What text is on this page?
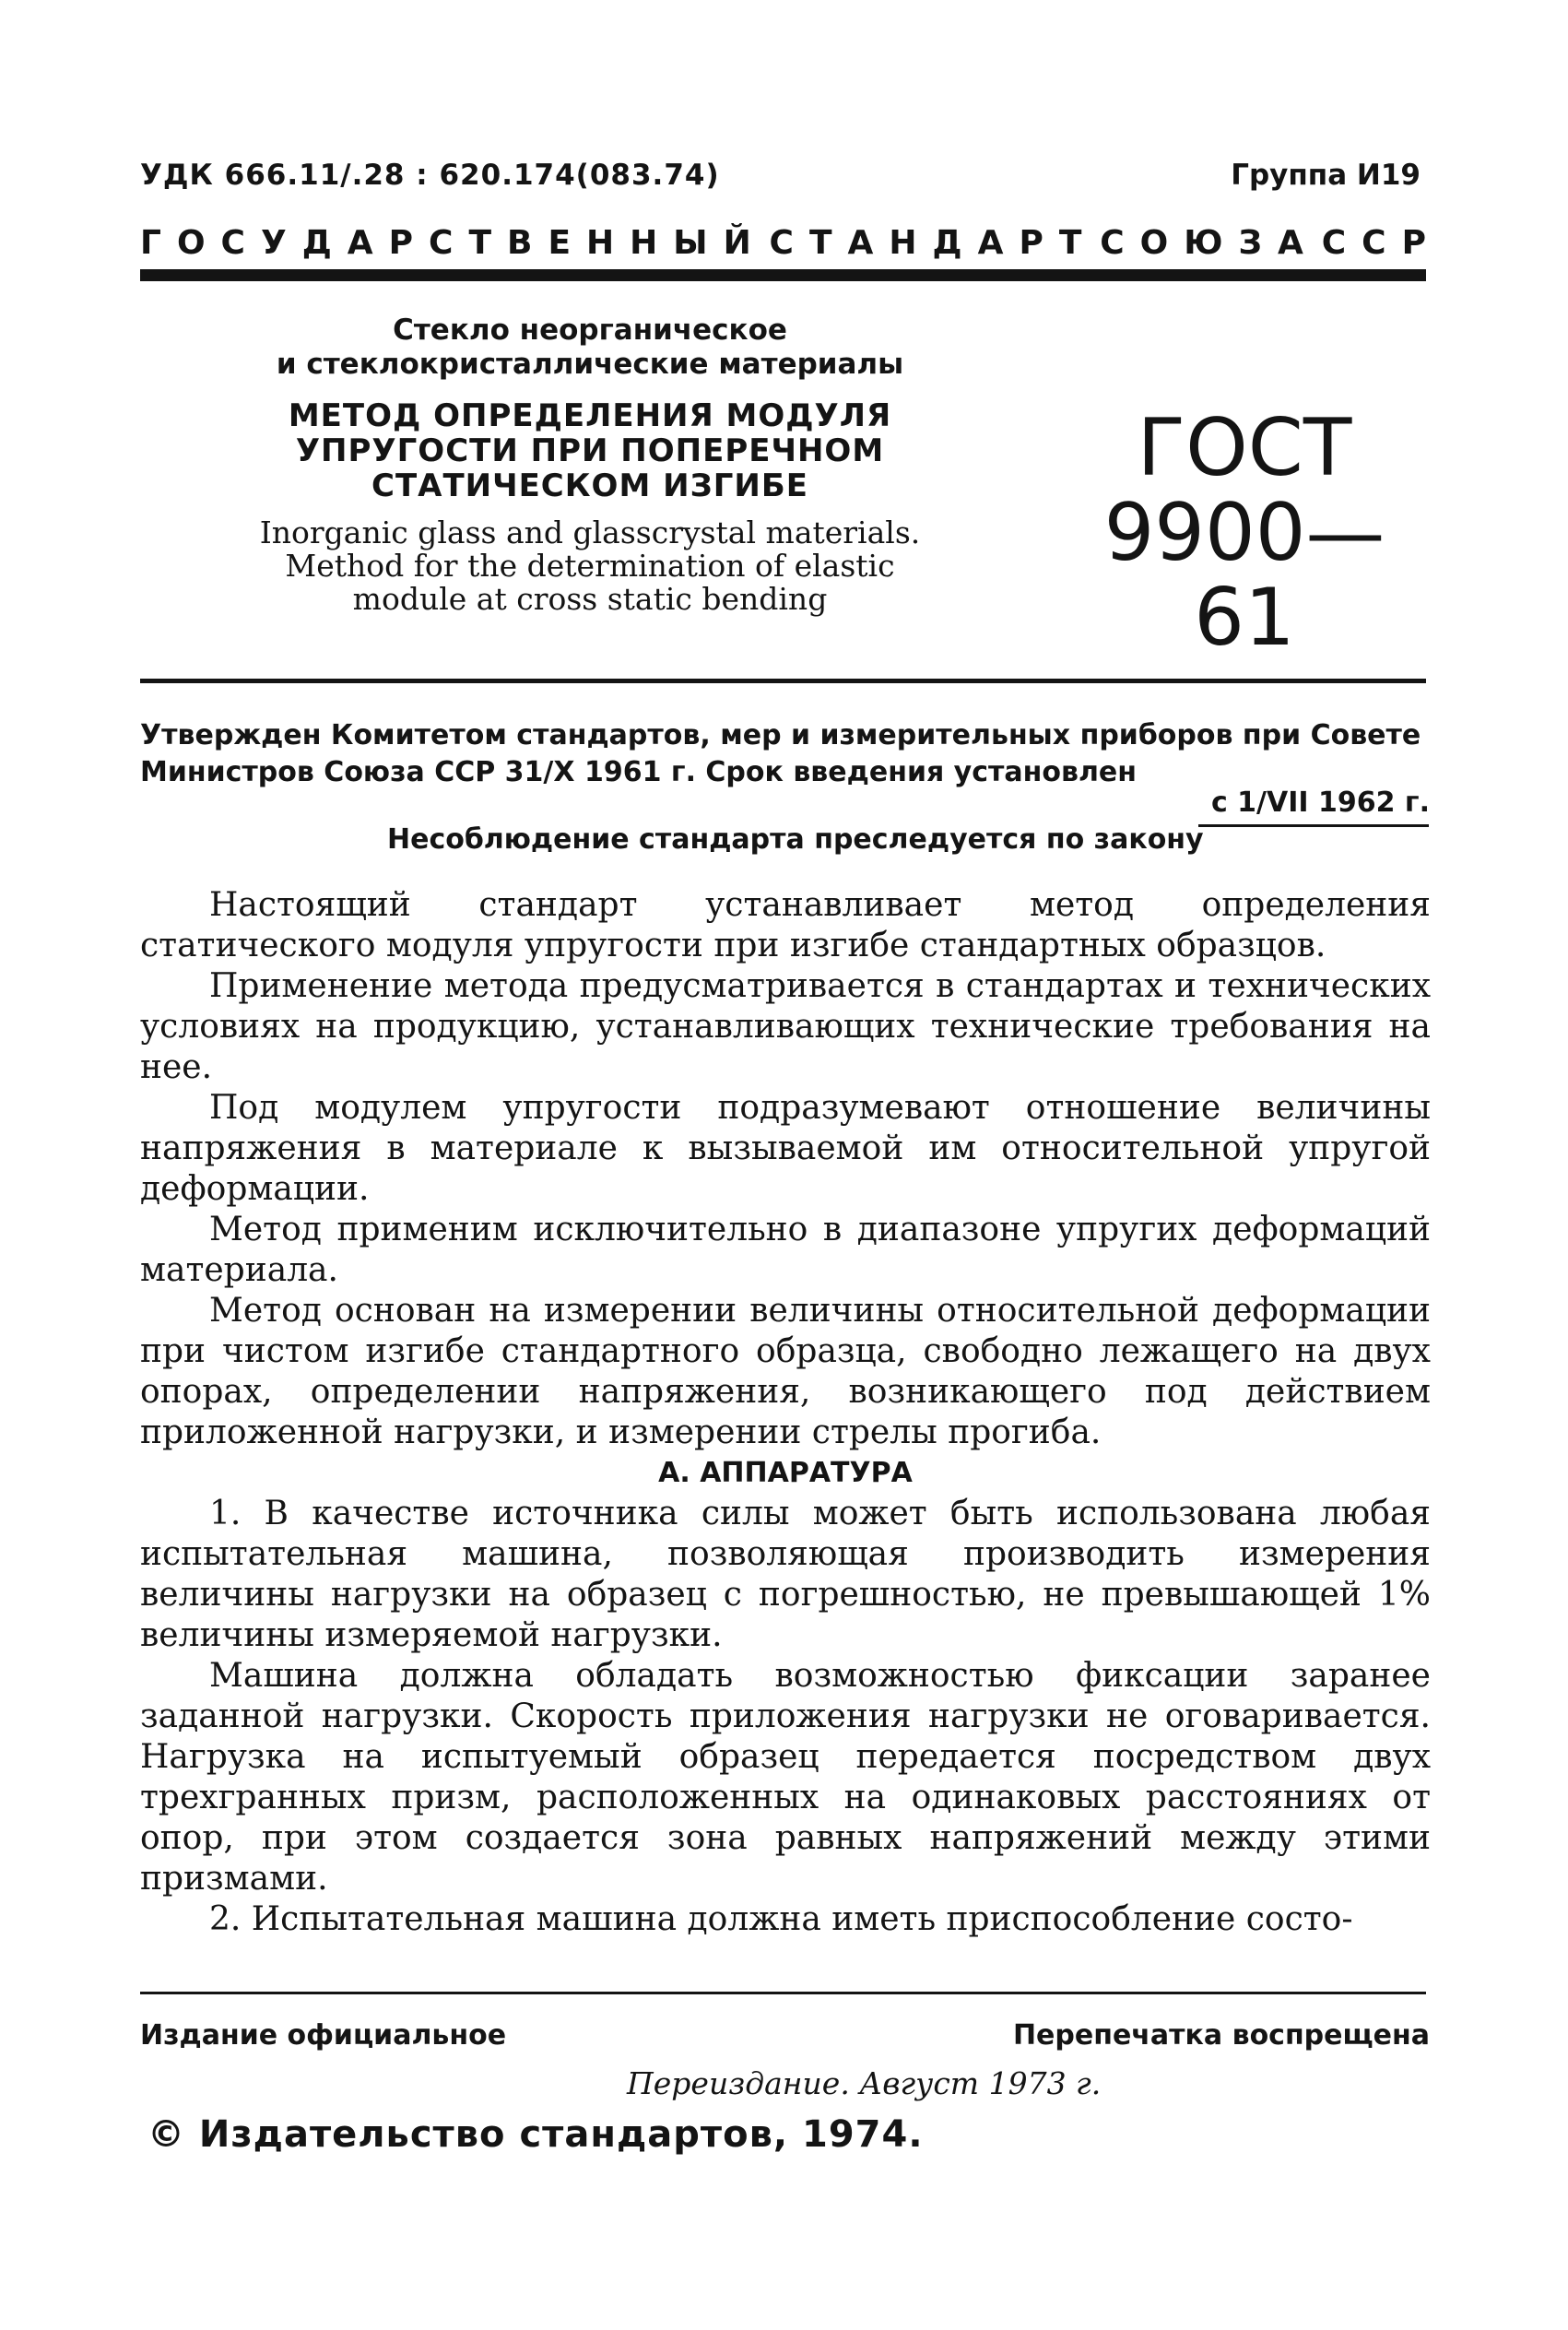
УДК 666.11/.28 : 620.174(083.74)	Группа И19
ГОСУДАРСТВЕННЫЙ СТАНДАРТ СОЮЗА ССР
Стекло неорганическое
и стеклокристаллические материалы
МЕТОД ОПРЕДЕЛЕНИЯ МОДУЛЯ
УПРУГОСТИ ПРИ ПОПЕРЕЧНОМ
СТАТИЧЕСКОМ ИЗГИБЕ
Inorganic glass and glasscrystal materials. Method for the determination of elastic module at cross static bending
ГОСТ
9900—61
Утвержден Комитетом стандартов, мер и измерительных приборов при Совете Министров Союза ССР 31/X 1961 г. Срок введения установлен
с 1/VII 1962 г.
Несоблюдение стандарта преследуется по закону

Настоящий стандарт устанавливает метод определения статического модуля упругости при изгибе стандартных образцов.

Применение метода предусматривается в стандартах и технических условиях на продукцию, устанавливающих технические требования на нее.

Под модулем упругости подразумевают отношение величины напряжения в материале к вызываемой им относительной упругой деформации.

Метод применим исключительно в диапазоне упругих деформаций материала.

Метод основан на измерении величины относительной деформации при чистом изгибе стандартного образца, свободно лежащего на двух опорах, определении напряжения, возникающего под действием приложенной нагрузки, и измерении стрелы прогиба.

А. АППАРАТУРА

1. В качестве источника силы может быть использована любая испытательная машина, позволяющая производить измерения величины нагрузки на образец с погрешностью, не превышающей 1% величины измеряемой нагрузки.

Машина должна обладать возможностью фиксации заранее заданной нагрузки. Скорость приложения нагрузки не оговаривается. Нагрузка на испытуемый образец передается посредством двух трехгранных призм, расположенных на одинаковых расстояниях от опор, при этом создается зона равных напряжений между этими призмами.

2. Испытательная машина должна иметь приспособление состо-

Издание официальное	Перепечатка воспрещена
Переиздание. Август 1973 г.
© Издательство стандартов, 1974.
